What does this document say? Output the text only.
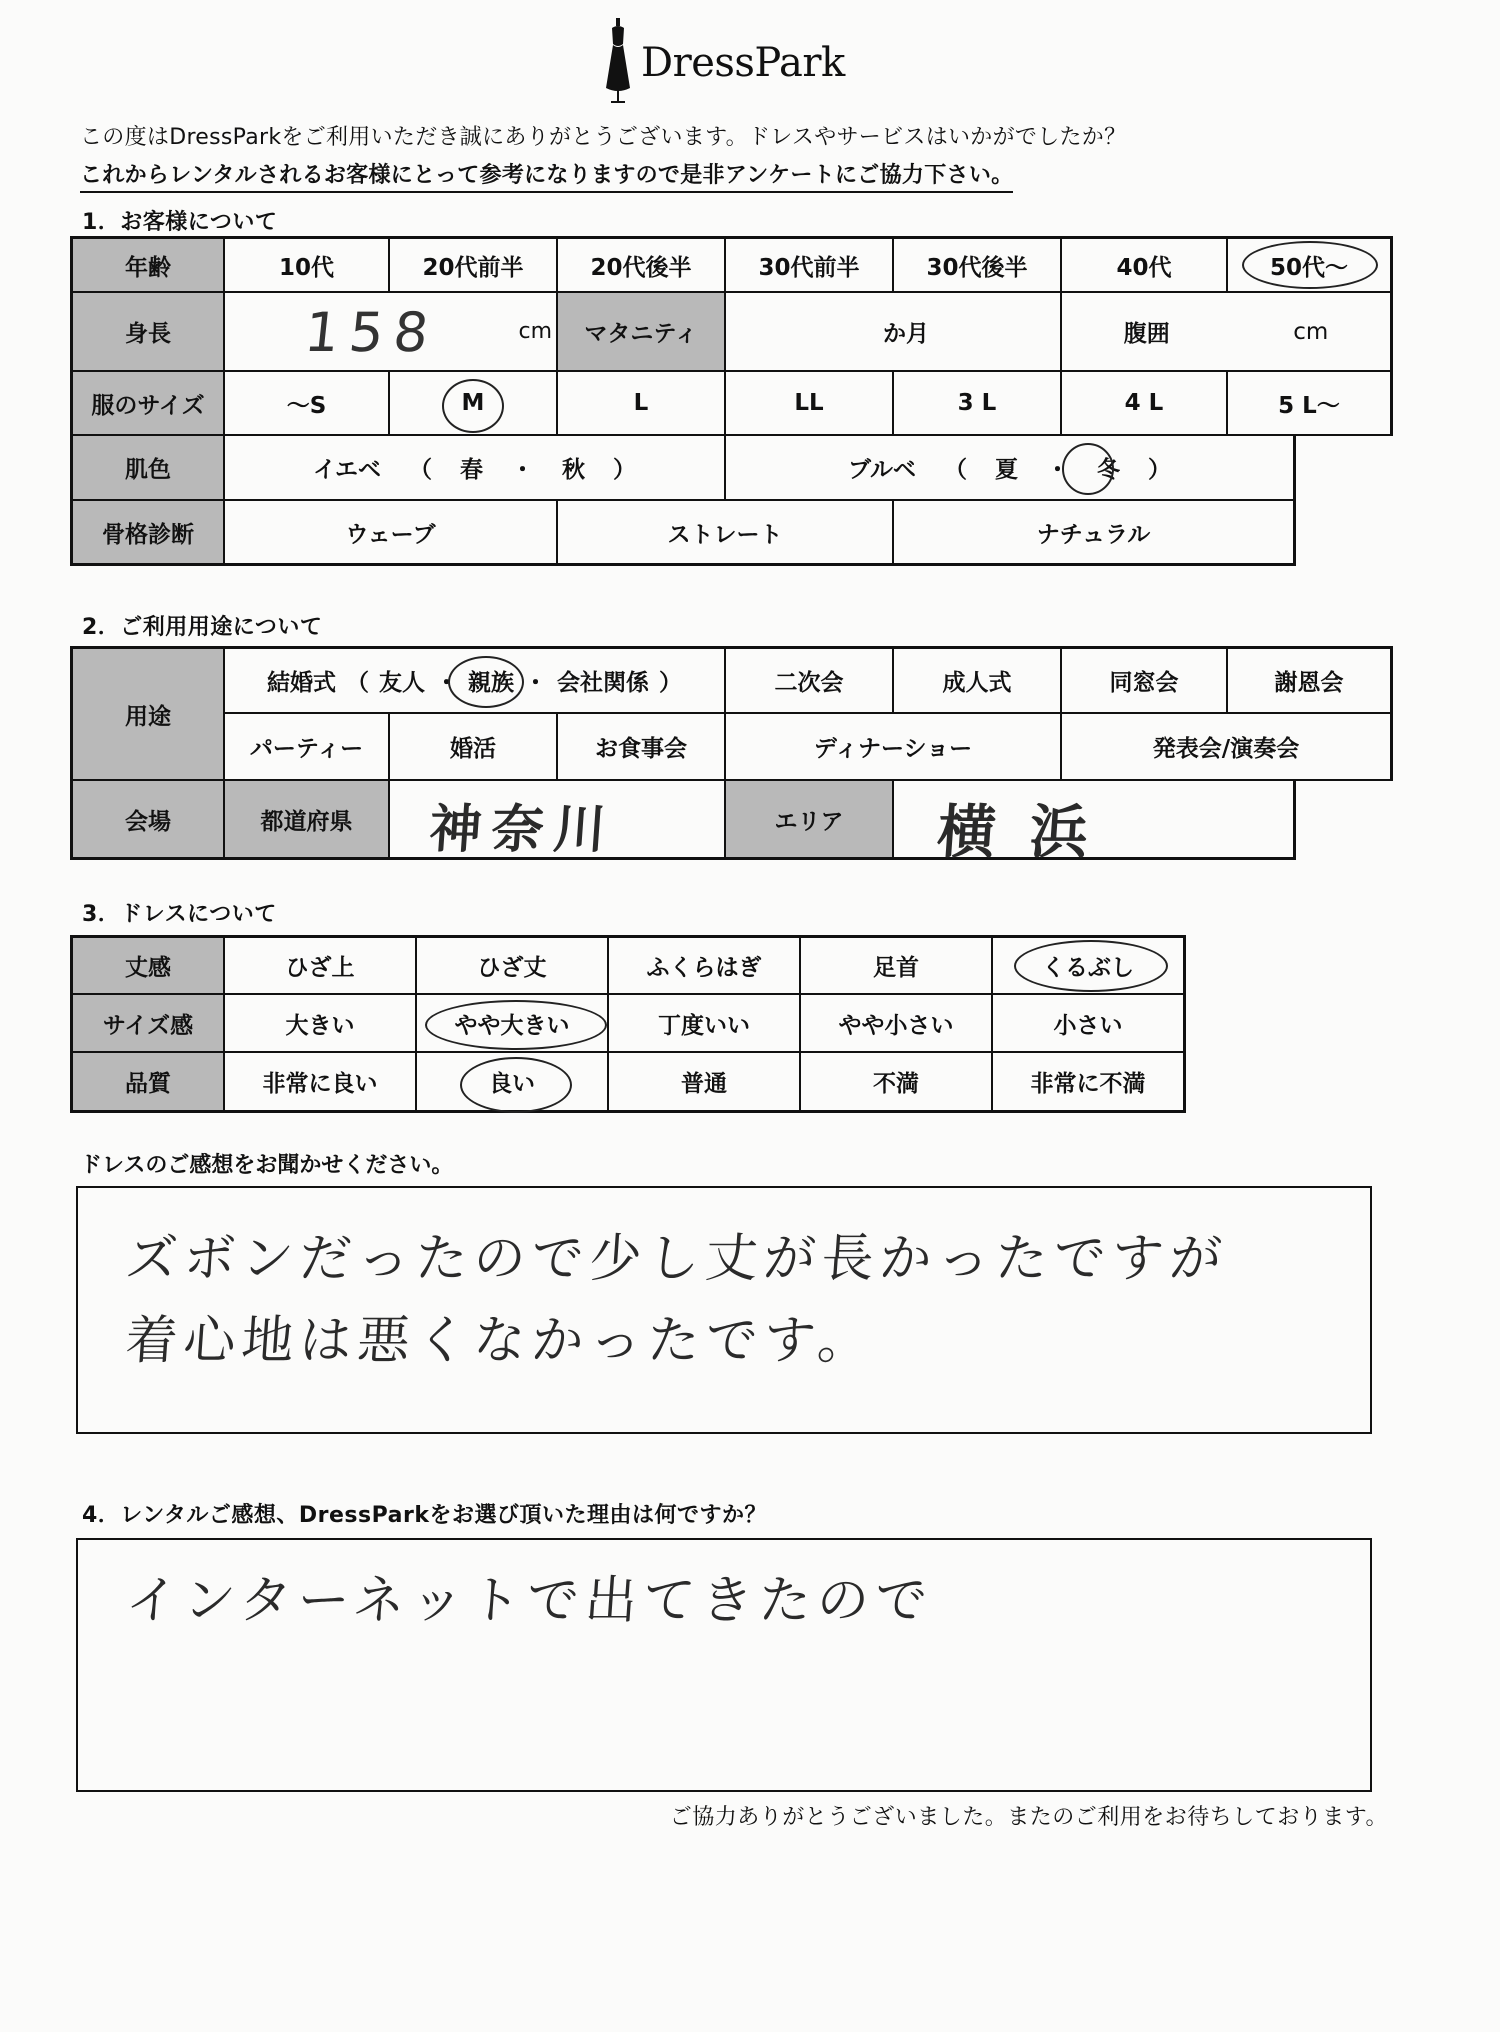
DressPark
この度はDressParkをご利用いただき誠にありがとうございます。ドレスやサービスはいかがでしたか？
これからレンタルされるお客様にとって参考になりますので是非アンケートにご協力下さい。
1．お客様について
年齢	10代	20代前半	20代後半	30代前半	30代後半	40代	50代～
身長	158	cm	マタニティ	か月	腹囲	cm
服のサイズ	～S	M	L	LL	3 L	4 L	5 L～
肌色	イエベ （ 春 ・ 秋 ）	ブルベ （ 夏 ・ 冬 ）
骨格診断	ウェーブ	ストレート	ナチュラル
2．ご利用用途について
用途
結婚式 （ 友人 ・ 親族 ・ 会社関係 ）	二次会	成人式	同窓会	謝恩会
パーティー	婚活	お食事会	ディナーショー	発表会/演奏会
会場	都道府県	神奈川	エリア	横浜
3．ドレスについて
丈感	ひざ上	ひざ丈	ふくらはぎ	足首	くるぶし
サイズ感	大きい	やや大きい	丁度いい	やや小さい	小さい
品質	非常に良い	良い	普通	不満	非常に不満
ドレスのご感想をお聞かせください。
ズボンだったので少し丈が長かったですが
着心地は悪くなかったです。
4．レンタルご感想、DressParkをお選び頂いた理由は何ですか？
インターネットで出てきたので
ご協力ありがとうございました。またのご利用をお待ちしております。
